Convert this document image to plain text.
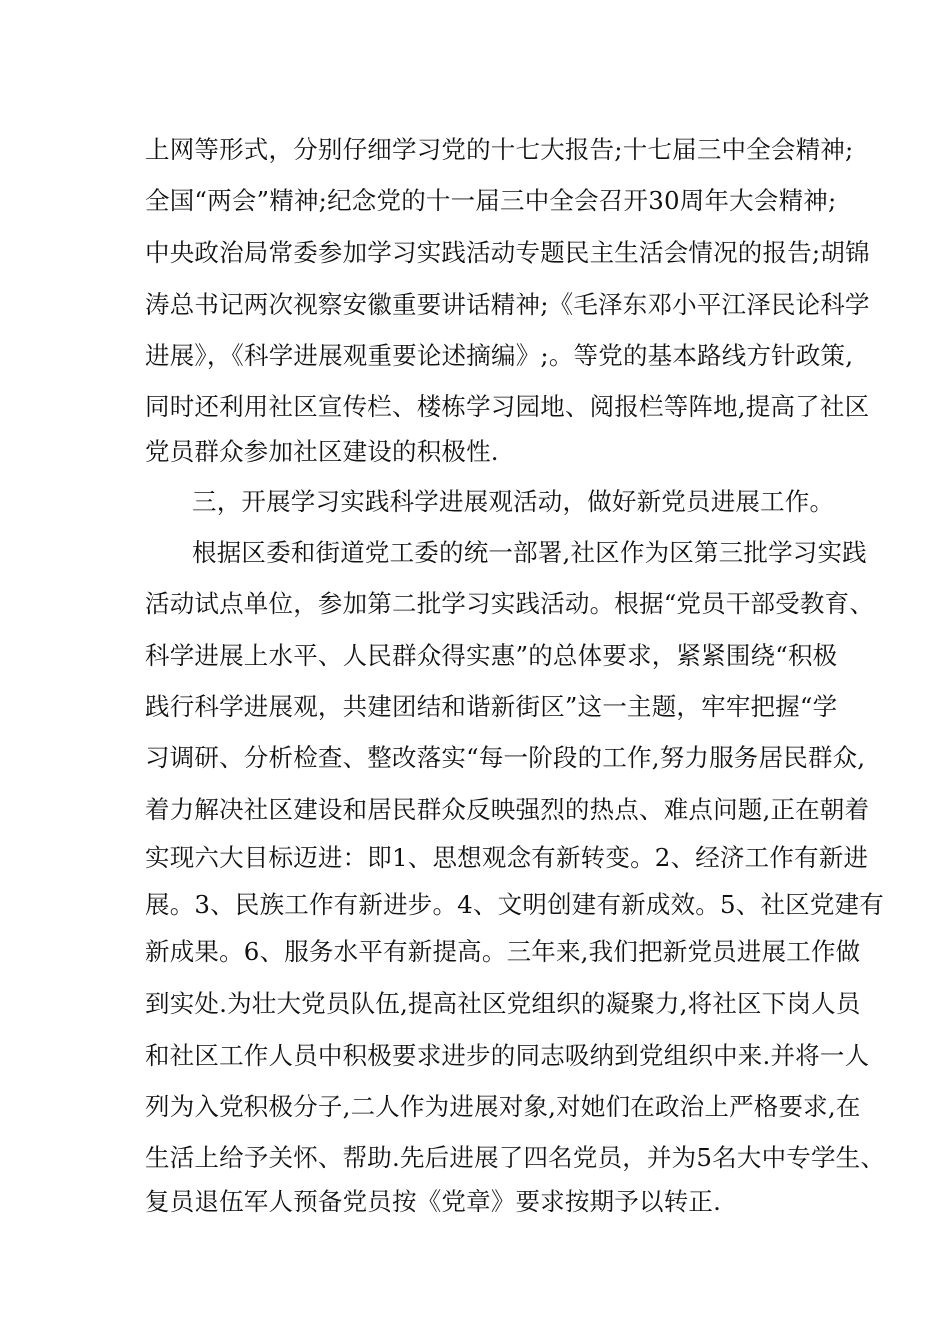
上网等形式，分别仔细学习党的十七大报告;十七届三中全会精神;
全国“两会”精神;纪念党的十一届三中全会召开30周年大会精神;
中央政治局常委参加学习实践活动专题民主生活会情况的报告;胡锦
涛总书记两次视察安徽重要讲话精神;《毛泽东邓小平江泽民论科学
进展》，《科学进展观重要论述摘编》;。等党的基本路线方针政策,
同时还利用社区宣传栏、楼栋学习园地、阅报栏等阵地,提高了社区
党员群众参加社区建设的积极性.
三，开展学习实践科学进展观活动，做好新党员进展工作。
根据区委和街道党工委的统一部署,社区作为区第三批学习实践
活动试点单位，参加第二批学习实践活动。根据“党员干部受教育、
科学进展上水平、人民群众得实惠”的总体要求，紧紧围绕“积极
践行科学进展观，共建团结和谐新街区”这一主题，牢牢把握“学
习调研、分析检查、整改落实“每一阶段的工作,努力服务居民群众,
着力解决社区建设和居民群众反映强烈的热点、难点问题,正在朝着
实现六大目标迈进：即1、思想观念有新转变。2、经济工作有新进
展。3、民族工作有新进步。4、文明创建有新成效。5、社区党建有
新成果。6、服务水平有新提高。三年来,我们把新党员进展工作做
到实处.为壮大党员队伍,提高社区党组织的凝聚力,将社区下岗人员
和社区工作人员中积极要求进步的同志吸纳到党组织中来.并将一人
列为入党积极分子,二人作为进展对象,对她们在政治上严格要求,在
生活上给予关怀、帮助.先后进展了四名党员，并为5名大中专学生、
复员退伍军人预备党员按《党章》要求按期予以转正.
